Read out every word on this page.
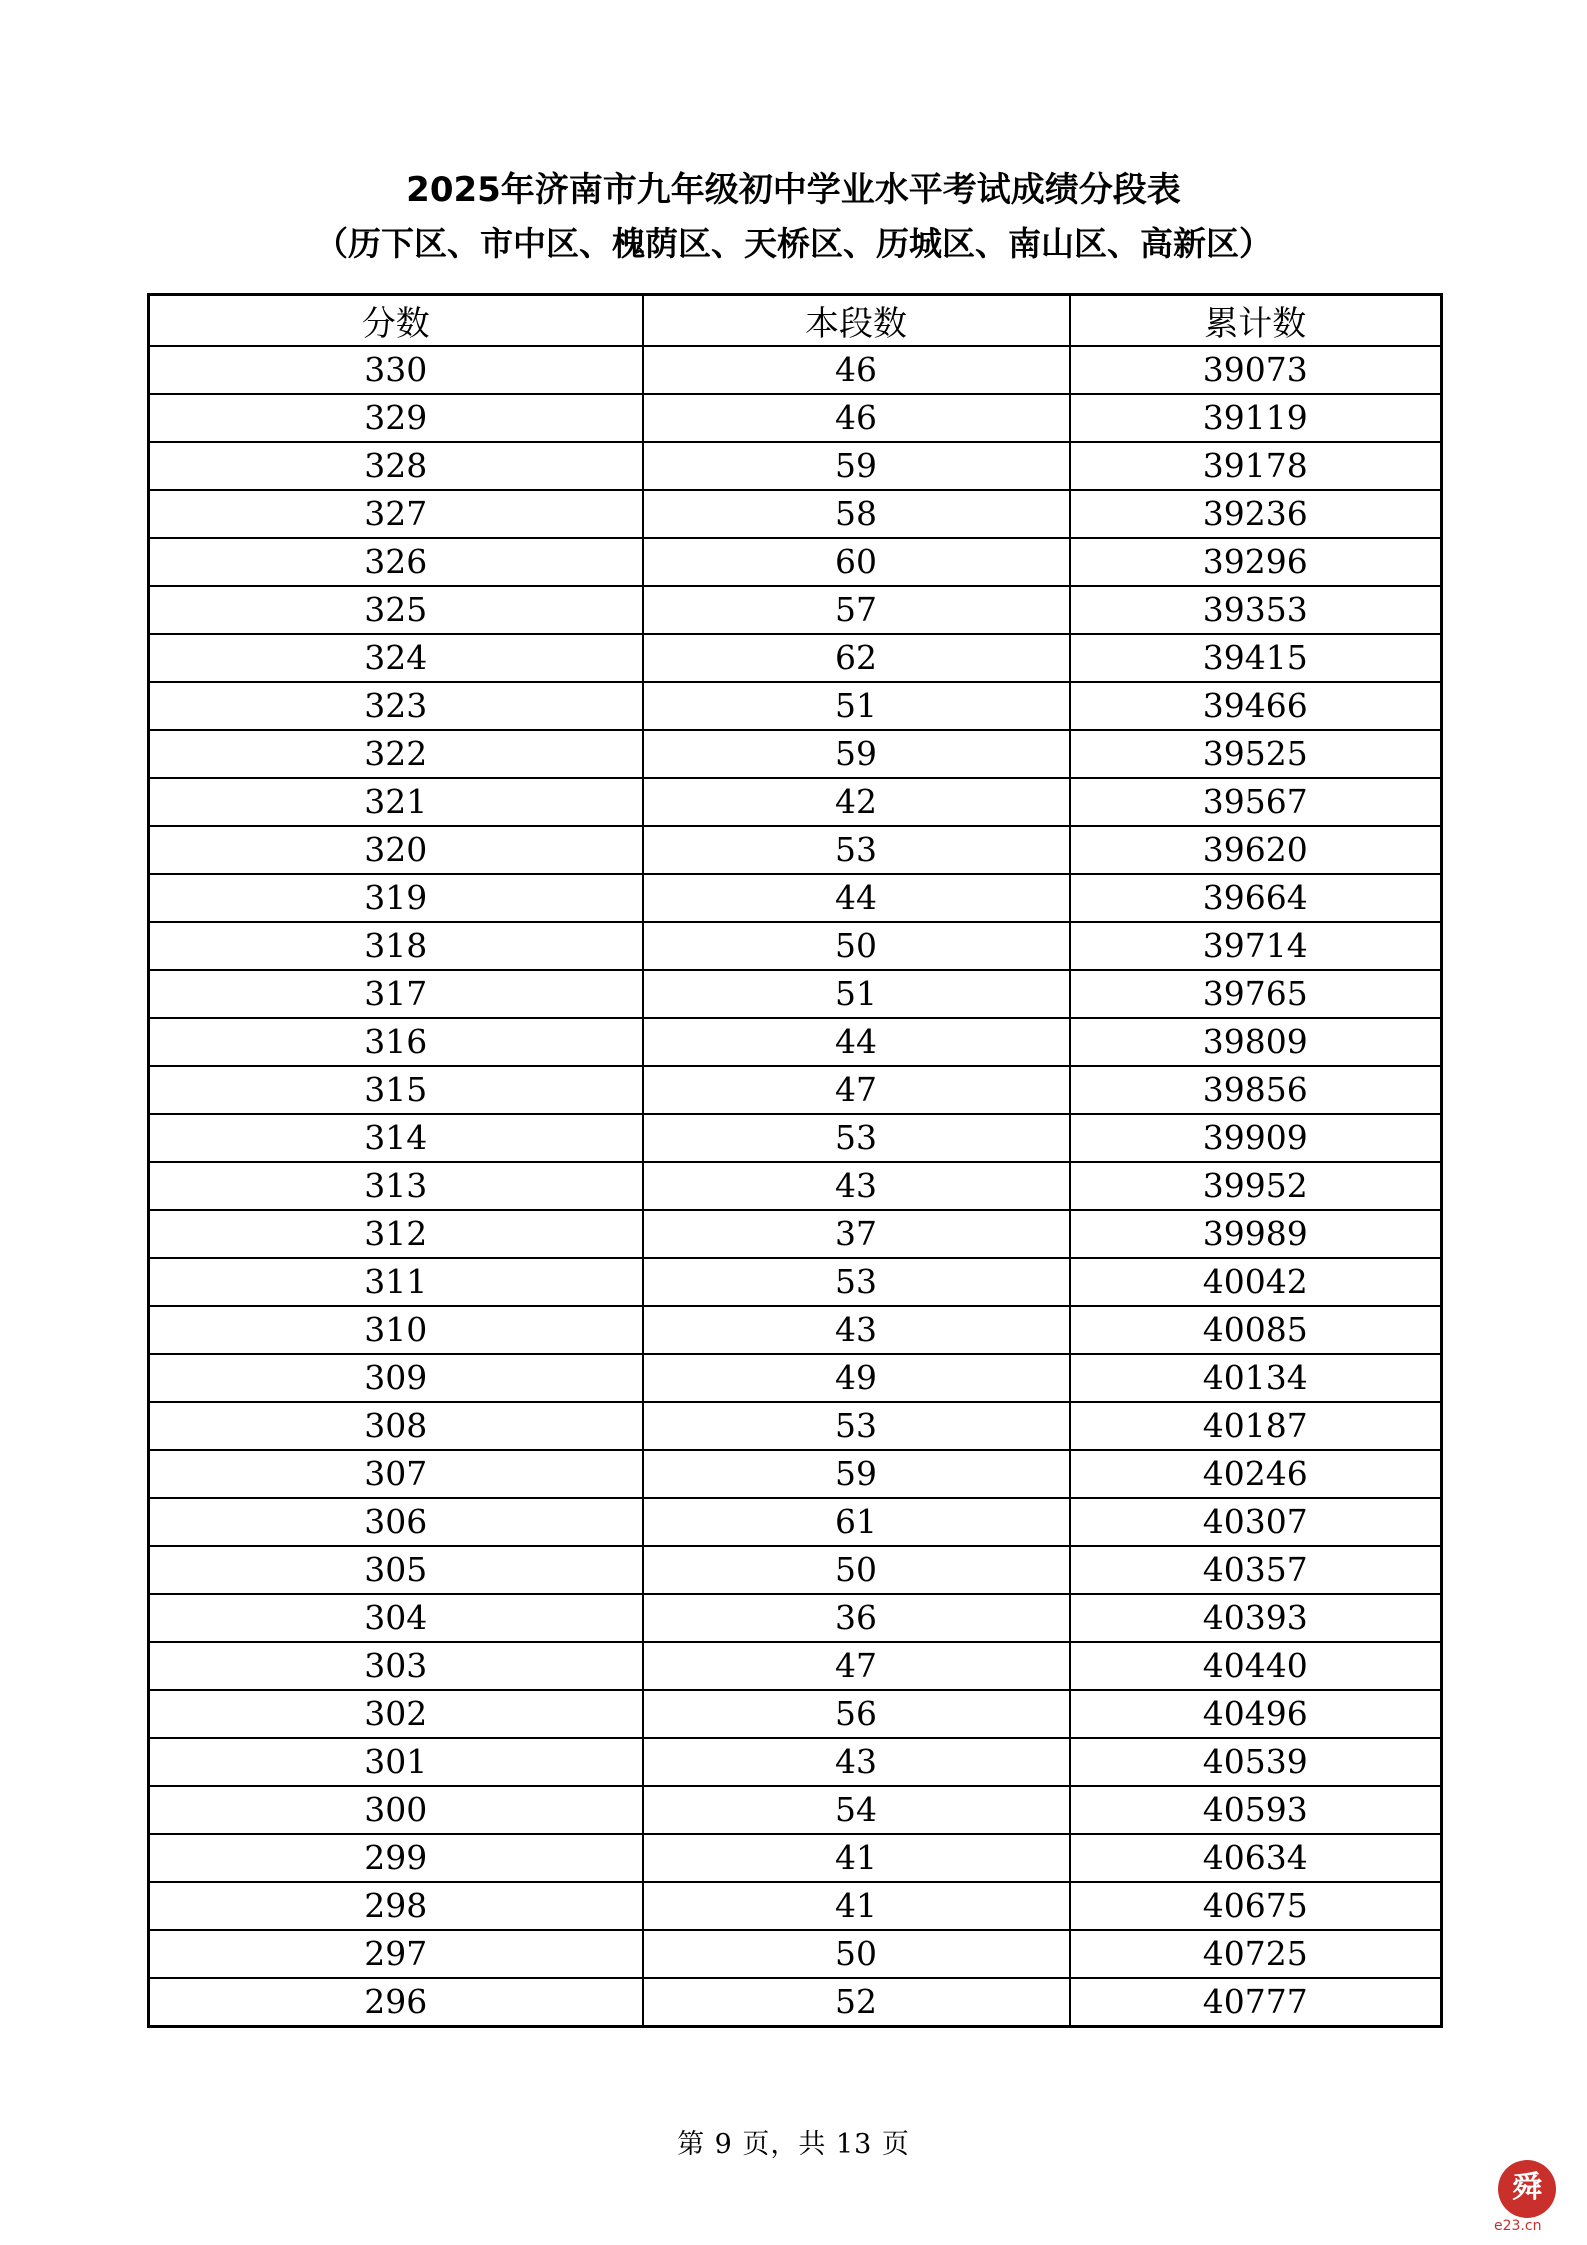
2025年济南市九年级初中学业水平考试成绩分段表
（历下区、市中区、槐荫区、天桥区、历城区、南山区、高新区）
分数	本段数	累计数
330	46	39073
329	46	39119
328	59	39178
327	58	39236
326	60	39296
325	57	39353
324	62	39415
323	51	39466
322	59	39525
321	42	39567
320	53	39620
319	44	39664
318	50	39714
317	51	39765
316	44	39809
315	47	39856
314	53	39909
313	43	39952
312	37	39989
311	53	40042
310	43	40085
309	49	40134
308	53	40187
307	59	40246
306	61	40307
305	50	40357
304	36	40393
303	47	40440
302	56	40496
301	43	40539
300	54	40593
299	41	40634
298	41	40675
297	50	40725
296	52	40777
第 9 页，共 13 页
舜
e23.cn
